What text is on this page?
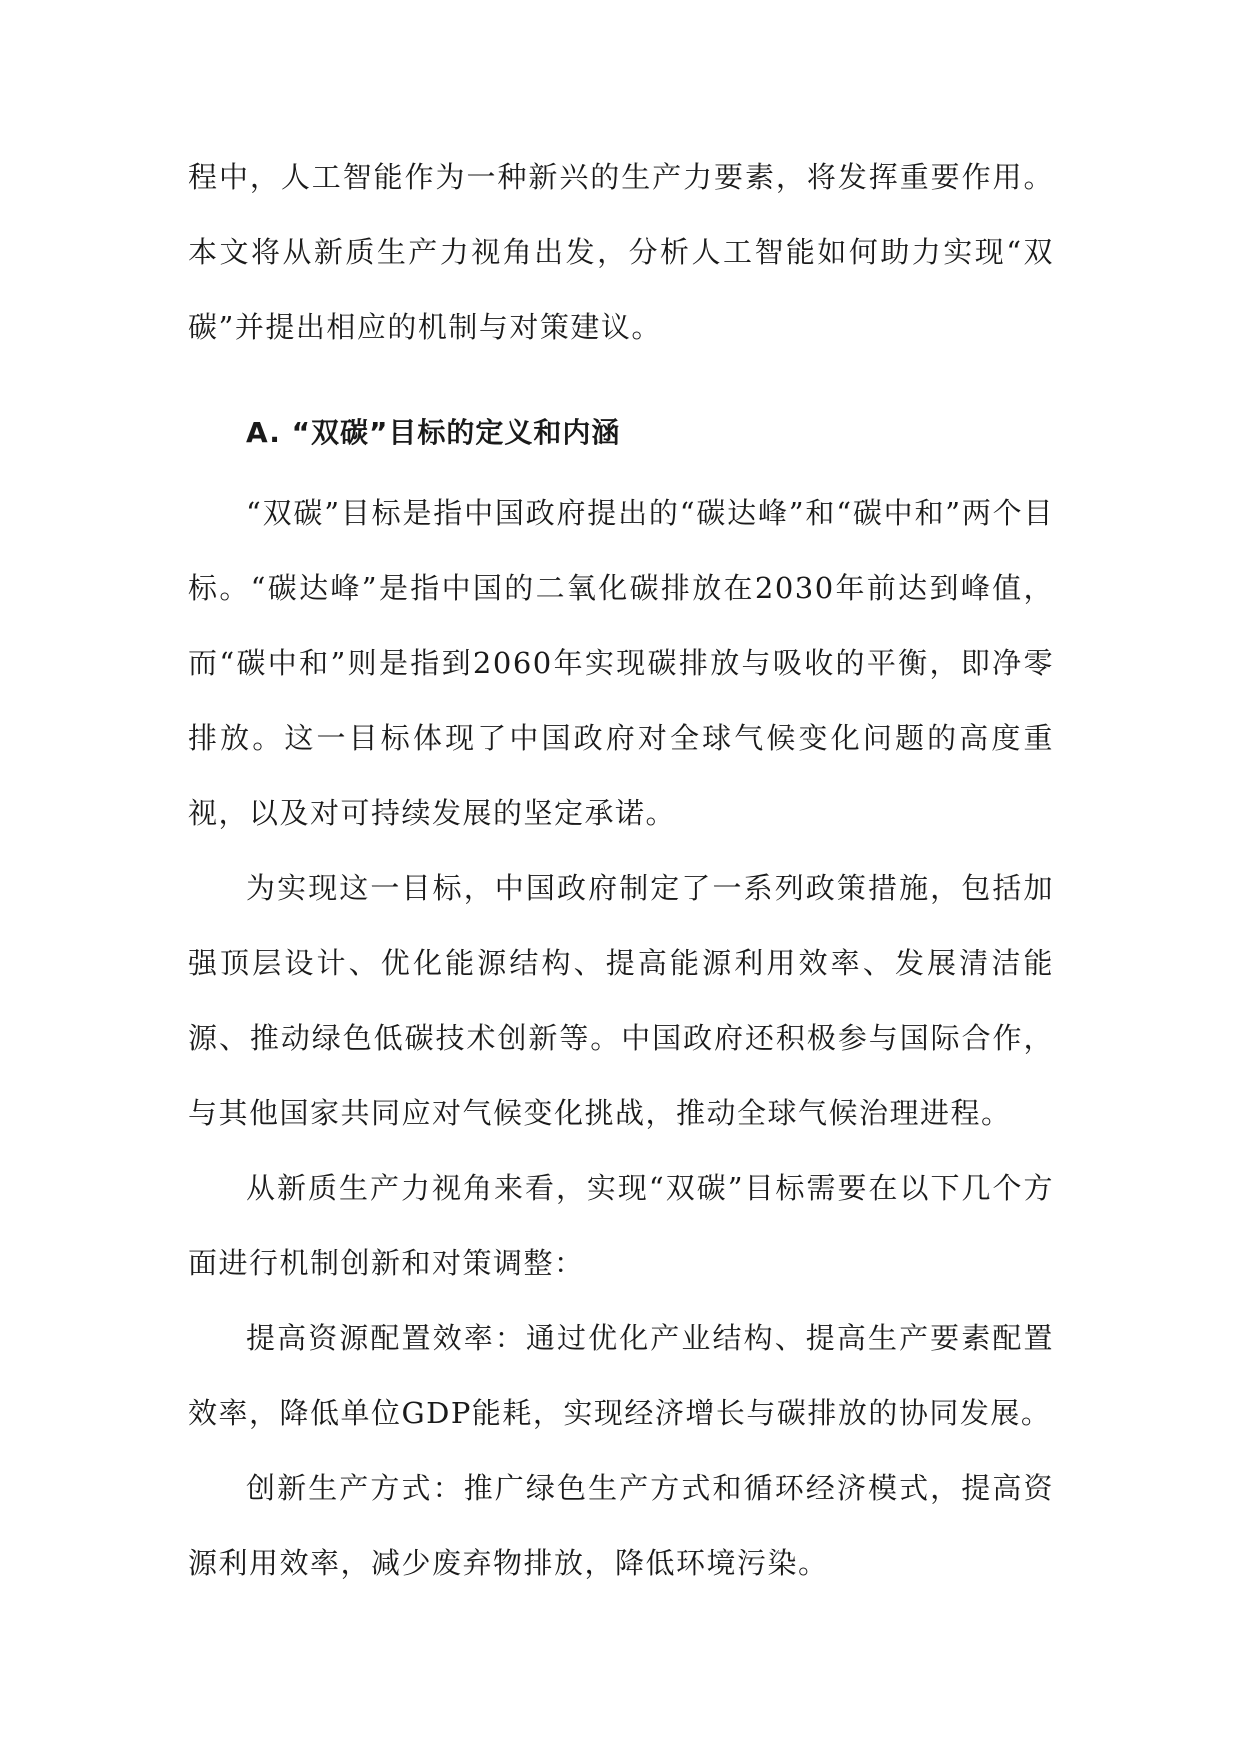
程中，人工智能作为一种新兴的生产力要素，将发挥重要作用。本文将从新质生产力视角出发，分析人工智能如何助力实现“双碳”并提出相应的机制与对策建议。

A. “双碳”目标的定义和内涵

“双碳”目标是指中国政府提出的“碳达峰”和“碳中和”两个目标。“碳达峰”是指中国的二氧化碳排放在2030年前达到峰值，而“碳中和”则是指到2060年实现碳排放与吸收的平衡，即净零排放。这一目标体现了中国政府对全球气候变化问题的高度重视，以及对可持续发展的坚定承诺。

为实现这一目标，中国政府制定了一系列政策措施，包括加强顶层设计、优化能源结构、提高能源利用效率、发展清洁能源、推动绿色低碳技术创新等。中国政府还积极参与国际合作，与其他国家共同应对气候变化挑战，推动全球气候治理进程。

从新质生产力视角来看，实现“双碳”目标需要在以下几个方面进行机制创新和对策调整：

提高资源配置效率：通过优化产业结构、提高生产要素配置效率，降低单位GDP能耗，实现经济增长与碳排放的协同发展。

创新生产方式：推广绿色生产方式和循环经济模式，提高资源利用效率，减少废弃物排放，降低环境污染。
